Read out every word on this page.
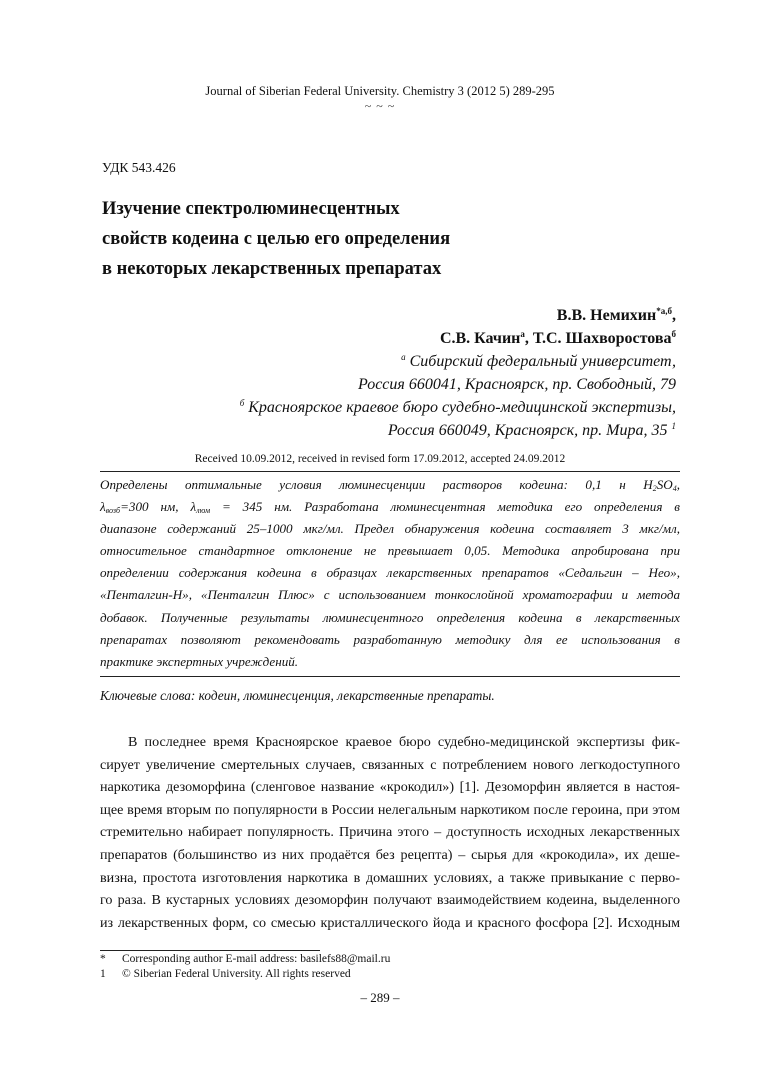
Journal of Siberian Federal University. Chemistry 3 (2012 5) 289-295
~ ~ ~
УДК 543.426
Изучение спектролюминесцентных
свойств кодеина с целью его определения
в некоторых лекарственных препаратах
В.В. Немихин$^{*а,б}$,
С.В. Качин$^а$, Т.С. Шахворостова$^б$
$^а$ Сибирский федеральный университет,
Россия 660041, Красноярск, пр. Свободный, 79
$^б$ Красноярское краевое бюро судебно-медицинской экспертизы,
Россия 660049, Красноярск, пр. Мира, 35 $^1$
Received 10.09.2012, received in revised form 17.09.2012, accepted 24.09.2012
Определены оптимальные условия люминесценции растворов кодеина: 0,1 н $H_2SO_4$,
$\lambda_{возб}=300$ нм, $\lambda_{люм} = 345$ нм. Разработана люминесцентная методика его определения в
диапазоне содержаний 25–1000 мкг/мл. Предел обнаружения кодеина составляет 3 мкг/мл,
относительное стандартное отклонение не превышает 0,05. Методика апробирована при
определении содержания кодеина в образцах лекарственных препаратов «Седальгин – Нео»,
«Пенталгин-Н», «Пенталгин Плюс» с использованием тонкослойной хроматографии и метода
добавок. Полученные результаты люминесцентного определения кодеина в лекарственных
препаратах позволяют рекомендовать разработанную методику для ее использования в
практике экспертных учреждений.
Ключевые слова: кодеин, люминесценция, лекарственные препараты.
В последнее время Красноярское краевое бюро судебно-медицинской экспертизы фик-
сирует увеличение смертельных случаев, связанных с потреблением нового легкодоступного
наркотика дезоморфина (сленговое название «крокодил») [1]. Дезоморфин является в настоя-
щее время вторым по популярности в России нелегальным наркотиком после героина, при этом
стремительно набирает популярность. Причина этого – доступность исходных лекарственных
препаратов (большинство из них продаётся без рецепта) – сырья для «крокодила», их деше-
визна, простота изготовления наркотика в домашних условиях, а также привыкание с перво-
го раза. В кустарных условиях дезоморфин получают взаимодействием кодеина, выделенного
из лекарственных форм, со смесью кристаллического йода и красного фосфора [2]. Исходным
* Corresponding author E-mail address: basilefs88@mail.ru
1 © Siberian Federal University. All rights reserved
– 289 –
